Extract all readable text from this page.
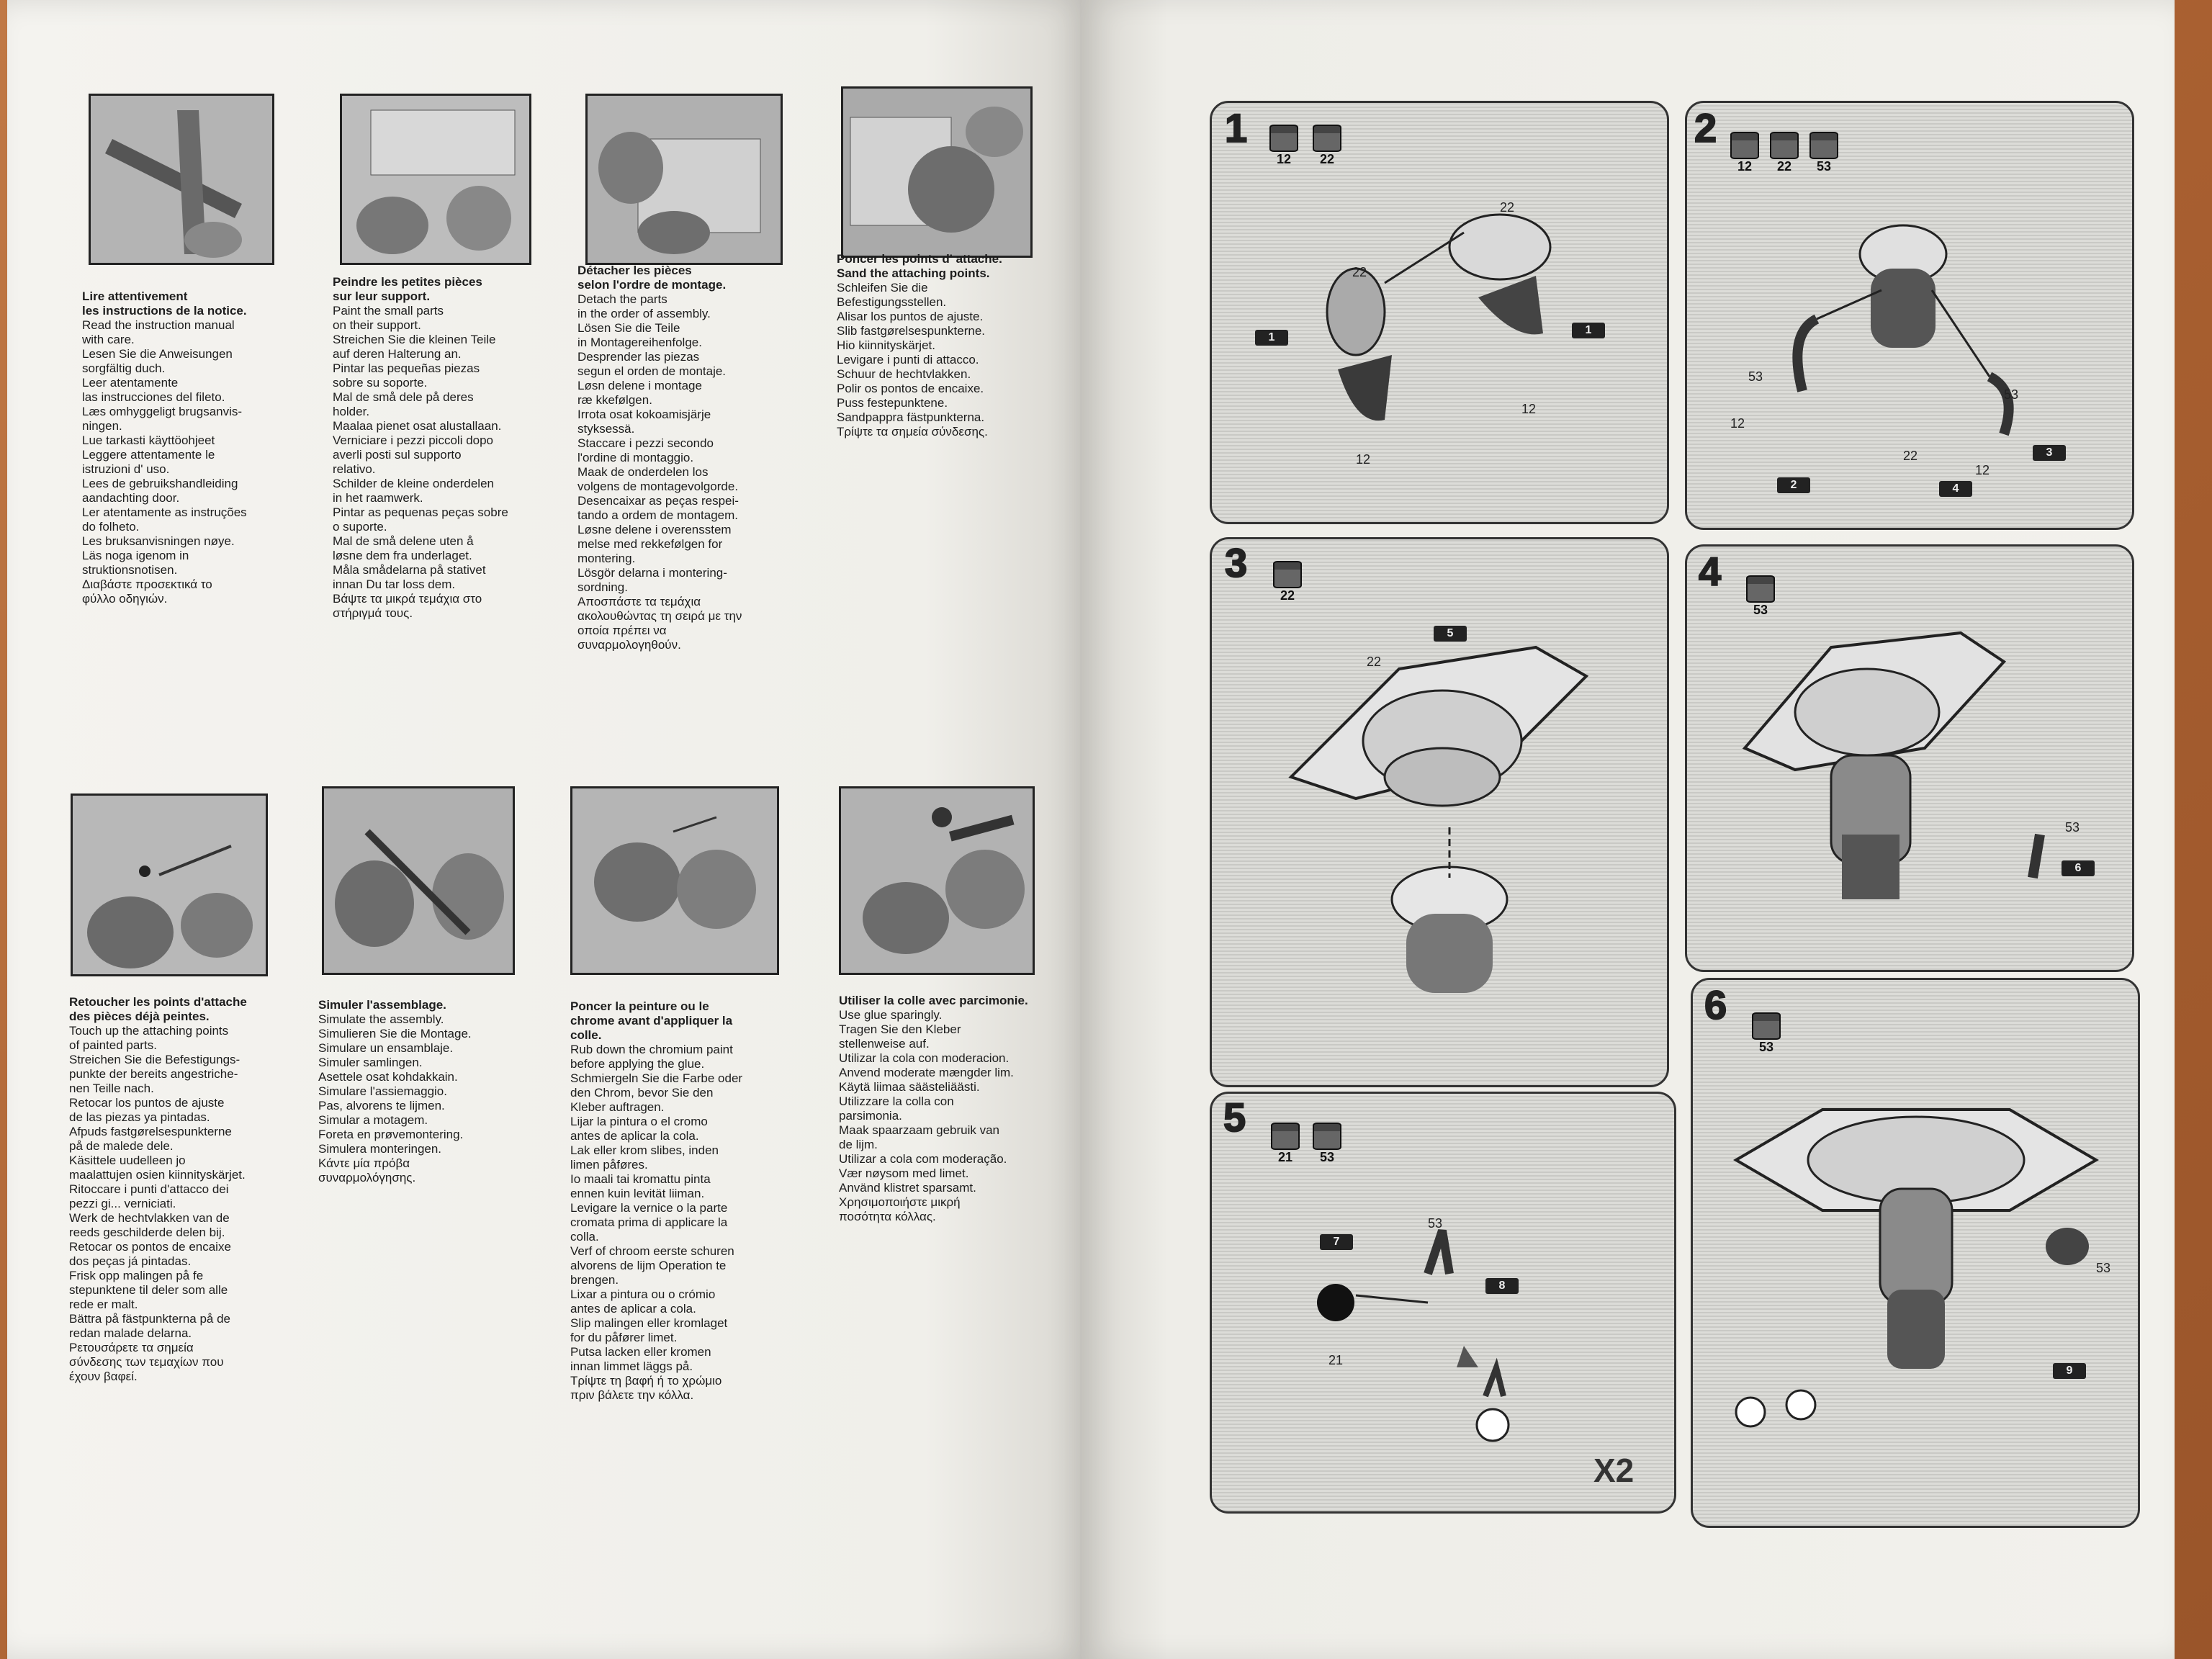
Lire attentivement
les instructions de la notice.
Read the instruction manual
with care.
Lesen Sie die Anweisungen
sorgfältig duch.
Leer atentamente
las instrucciones del fileto.
Læs omhyggeligt brugsanvis-
ningen.
Lue tarkasti käyttöohjeet
Leggere attentamente le
istruzioni d' uso.
Lees de gebruikshandleiding
aandachting door.
Ler atentamente as instruções
do folheto.
Les bruksanvisningen nøye.
Läs noga igenom in
struktionsnotisen.
Διαβάστε προσεκτικά το
φύλλο οδηγιών.
Peindre les petites pièces
sur leur support.
Paint the small parts
on their support.
Streichen Sie die kleinen Teile
auf deren Halterung an.
Pintar las pequeñas piezas
sobre su soporte.
Mal de små dele på deres
holder.
Maalaa pienet osat alustallaan.
Verniciare i pezzi piccoli dopo
averli posti sul supporto
relativo.
Schilder de kleine onderdelen
in het raamwerk.
Pintar as pequenas peças sobre
o suporte.
Mal de små delene uten å
løsne dem fra underlaget.
Måla smådelarna på stativet
innan Du tar loss dem.
Βάψτε τα μικρά τεμάχια στο
στήριγμά τους.
Détacher les pièces
selon l'ordre de montage.
Detach the parts
in the order of assembly.
Lösen Sie die Teile
in Montagereihenfolge.
Desprender las piezas
segun el orden de montaje.
Løsn delene i montage
ræ kkefølgen.
Irrota osat kokoamisjärje
styksessä.
Staccare i pezzi secondo
l'ordine di montaggio.
Maak de onderdelen los
volgens de montagevolgorde.
Desencaixar as peças respei-
tando a ordem de montagem.
Løsne delene i overensstem
melse med rekkefølgen for
montering.
Lösgör delarna i montering-
sordning.
Αποσπάστε τα τεμάχια
ακολουθώντας τη σειρά με την
οποία πρέπει να
συναρμολογηθούν.
Poncer les points d' attache.
Sand the attaching points.
Schleifen Sie die
Befestigungsstellen.
Alisar los puntos de ajuste.
Slib fastgørelsespunkterne.
Hio kiinnityskärjet.
Levigare i punti di attacco.
Schuur de hechtvlakken.
Polir os pontos de encaixe.
Puss festepunktene.
Sandpappra fästpunkterna.
Τρίψτε τα σημεία σύνδεσης.
Retoucher les points d'attache
des pièces déjà peintes.
Touch up the attaching points
of painted parts.
Streichen Sie die Befestigungs-
punkte der bereits angestriche-
nen Teille nach.
Retocar los puntos de ajuste
de las piezas ya pintadas.
Afpuds fastgørelsespunkterne
på de malede dele.
Käsittele uudelleen jo
maalattujen osien kiinnityskärjet.
Ritoccare i punti d'attacco dei
pezzi gi... verniciati.
Werk de hechtvlakken van de
reeds geschilderde delen bij.
Retocar os pontos de encaixe
dos peças já pintadas.
Frisk opp malingen på fe
stepunktene til deler som alle
rede er malt.
Bättra på fästpunkterna på de
redan malade delarna.
Ρετουσάρετε τα σημεία
σύνδεσης των τεμαχίων που
έχουν βαφεί.
Simuler l'assemblage.
Simulate the assembly.
Simulieren Sie die Montage.
Simulare un ensamblaje.
Simuler samlingen.
Asettele osat kohdakkain.
Simulare l'assiemaggio.
Pas, alvorens te lijmen.
Simular a motagem.
Foreta en prøvemontering.
Simulera monteringen.
Κάντε μία πρόβα
συναρμολόγησης.
Poncer la peinture ou le
chrome avant d'appliquer la
colle.
Rub down the chromium paint
before applying the glue.
Schmiergeln Sie die Farbe oder
den Chrom, bevor Sie den
Kleber auftragen.
Lijar la pintura o el cromo
antes de aplicar la cola.
Lak eller krom slibes, inden
limen påføres.
Io maali tai kromattu pinta
ennen kuin levität liiman.
Levigare la vernice o la parte
cromata prima di applicare la
colla.
Verf of chroom eerste schuren
alvorens de lijm Operation te
brengen.
Lixar a pintura ou o crómio
antes de aplicar a cola.
Slip malingen eller kromlaget
for du påfører limet.
Putsa lacken eller kromen
innan limmet läggs på.
Τρίψτε τη βαφή ή το χρώμιο
πριν βάλετε την κόλλα.
Utiliser la colle avec parcimonie.
Use glue sparingly.
Tragen Sie den Kleber
stellenweise auf.
Utilizar la cola con moderacion.
Anvend moderate mængder lim.
Käytä liimaa säästeliäästi.
Utilizzare la colla con
parsimonia.
Maak spaarzaam gebruik van
de lijm.
Utilizar a cola com moderação.
Vær nøysom med limet.
Använd klistret sparsamt.
Χρησιμοποιήστε μικρή
ποσότητα κόλλας.
1
12	22
22
22
12
12
1
1
2
12	22	53
53
12
53
22
12
2	4
3
3
22
22
5
4
53
53
6
5
21	53
53
21
7
8
X2
6
53
53
9
